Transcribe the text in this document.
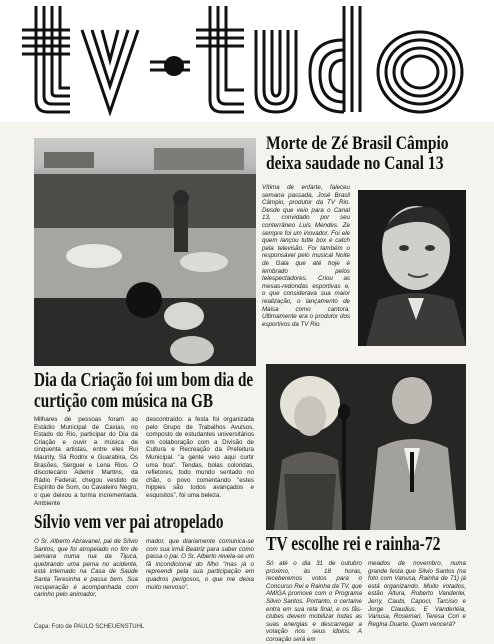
Morte de Zé Brasil Câmpio deixa saudade no Canal 13
Vítima de enfarte, faleceu semana passada, José Brasil Câmpio, produtor da TV Rio. Desde que veio para o Canal 13, convidado por seu conterrâneo Luís Mendes. Ze sempre foi um inovador. Foi ele quem lançou tutte box e catch pela televisão. Foi também o responsável pelo musical Noite de Gala que até hoje é lembrado pelos telespectadores. Criou as mesas-redondas esportivas e, o que considerava sua maior realização, o lançamento de Maisa como cantora. Ultimamente era o produtor dos esportivos da TV Rio.
Dia da Criação foi um bom dia de curtição com música na GB
Milhares de pessoas foram ao Estádio Municipal de Caxias, no Estado do Rio, participar do Dia da Criação e ouvir a música de cinquenta artistas, entre eles Rui Maurity, Sá Rodrix e Guarabira, Os Brasões, Serguei e Lena Rios. O discotecário Ademir Martins, da Rádio Federal, chegou vestido de Espírito de Som, ou Cavaleiro Negro, o que deixou a turma incrementada. Ambiente
descontraído: a festa foi organizada pelo Grupo de Trabalhos Avulsos, composto de estudantes universitários em colaboração com a Divisão de Cultura e Recreação da Prefeitura Municipal. "a gente veio aqui curtir uma boa". Tendas, bolas coloridas, refletores, todo mundo sentado no chão, o povo comentando "estes hippies são todos avançados e esquisitos", foi uma beleza.
Sílvio vem ver pai atropelado
O Sr. Alberto Abravanel, pai de Sílvio Santos, que foi atropelado no fim de semana numa rua da Tijuca, quebrando uma perna no acidente, está internado na Casa de Saúde Santa Teresinha e passa bem. Sua recuperação é acompanhada com carinho pelo animador,
mador, que diariamente comunica-se com sua irmã Beatriz para saber como passa o pai. O Sr. Alberto revela-se um fã incondicional do filho "mas já o repreendi pela sua participação em quadros perigosos, o que me deixa muito nervoso".
TV escolhe rei e rainha-72
Só até o dia 31 de outubro próximo, às 18 horas, receberemos votos para o Concurso Rei e Rainha da TV, que AMIGA promove com o Programa Silvio Santos. Portanto, o certame entra em sua reta final, e os fãs-clubes devem mobilizar todas as suas energias e descarregar a votação nos seus ídolos. A coroação será em
meados de novembro, numa grande festa que Silvio Santos (na foto com Vanusa, Rainha de 71) já está organizando. Muito votados, estão Altura, Roberto Vanderlei, Jerry, Caubi, Capoci, Tarcisio e Jorge Claudius. E Vanderléia, Vanusa, Rosemari, Teresa Cori e Regina Duarte. Quem vencerá?
Capa: Foto de PAULO SCHEUENSTUHL
